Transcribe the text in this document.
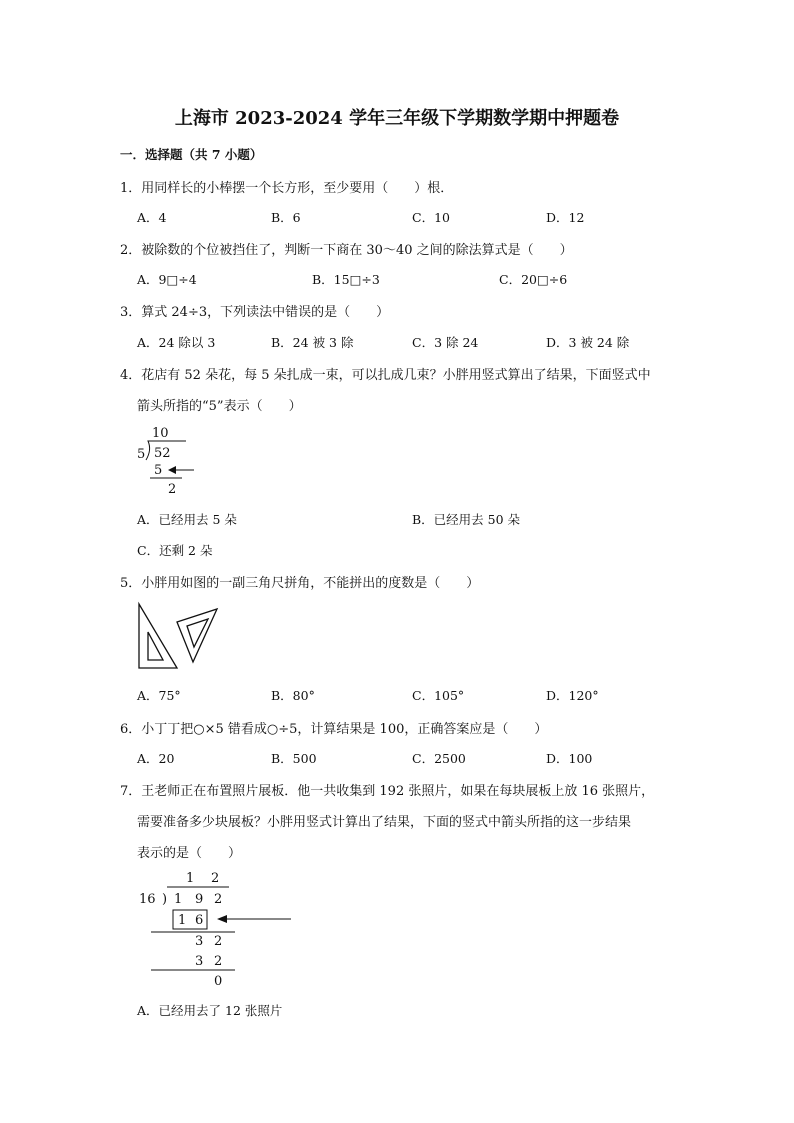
上海市 2023-2024 学年三年级下学期数学期中押题卷
一．选择题（共 7 小题）
1．用同样长的小棒摆一个长方形，至少要用（　　）根．
A．4	B．6	C．10	D．12
2．被除数的个位被挡住了，判断一下商在 30～40 之间的除法算式是（　　）
A．9□÷4	B．15□÷3	C．20□÷6
3．算式 24÷3，下列读法中错误的是（　　）
A．24 除以 3	B．24 被 3 除	C．3 除 24	D．3 被 24 除
4．花店有 52 朵花，每 5 朵扎成一束，可以扎成几束？小胖用竖式算出了结果，下面竖式中
箭头所指的“5”表示（　　）
10
5 52
5
2
A．已经用去 5 朵	B．已经用去 50 朵
C．还剩 2 朵
5．小胖用如图的一副三角尺拼角，不能拼出的度数是（　　）
A．75°	B．80°	C．105°	D．120°
6．小丁丁把○×5 错看成○÷5，计算结果是 100，正确答案应是（　　）
A．20	B．500	C．2500	D．100
7．王老师正在布置照片展板．他一共收集到 192 张照片，如果在每块展板上放 16 张照片，
需要准备多少块展板？小胖用竖式计算出了结果，下面的竖式中箭头所指的这一步结果
表示的是（　　）
1 2
16 ) 1 9 2
1 6
3 2
3 2
0
A．已经用去了 12 张照片
